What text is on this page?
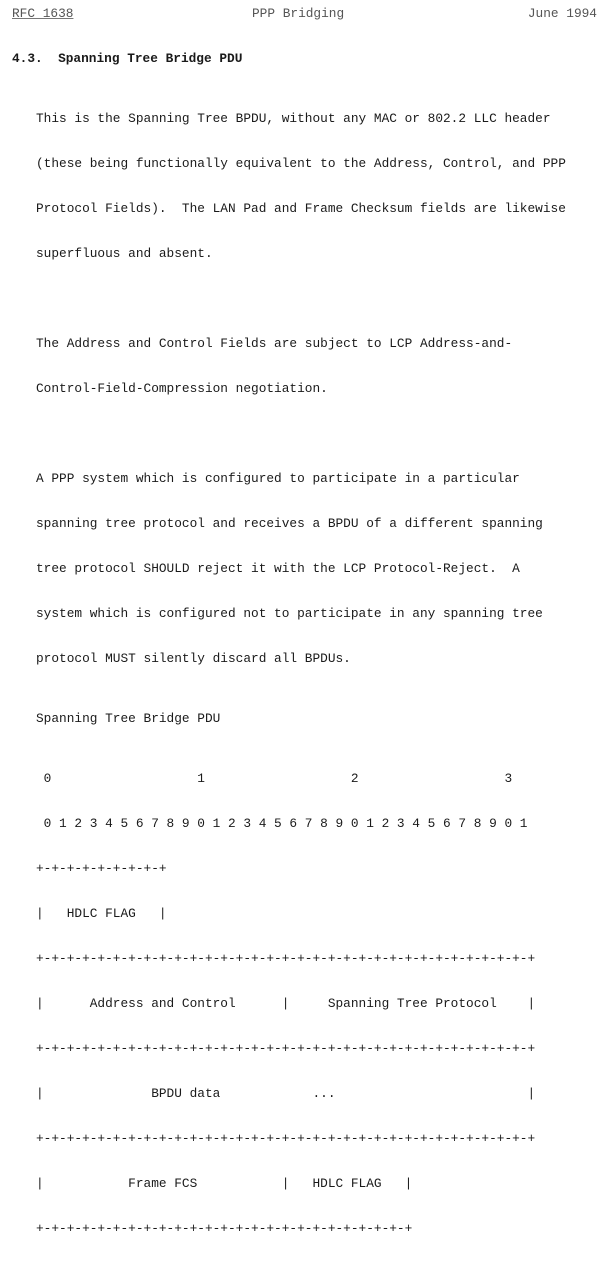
RFC 1638

	PPP Bridging

	June 1994

4.3.  Spanning Tree Bridge PDU

This is the Spanning Tree BPDU, without any MAC or 802.2 LLC header

(these being functionally equivalent to the Address, Control, and PPP

Protocol Fields).  The LAN Pad and Frame Checksum fields are likewise

superfluous and absent.

The Address and Control Fields are subject to LCP Address-and-

Control-Field-Compression negotiation.

A PPP system which is configured to participate in a particular

spanning tree protocol and receives a BPDU of a different spanning

tree protocol SHOULD reject it with the LCP Protocol-Reject.  A

system which is configured not to participate in any spanning tree

protocol MUST silently discard all BPDUs.

Spanning Tree Bridge PDU

0                   1                   2                   3

0 1 2 3 4 5 6 7 8 9 0 1 2 3 4 5 6 7 8 9 0 1 2 3 4 5 6 7 8 9 0 1

+-+-+-+-+-+-+-+-+

|   HDLC FLAG   |

+-+-+-+-+-+-+-+-+-+-+-+-+-+-+-+-+-+-+-+-+-+-+-+-+-+-+-+-+-+-+-+-+

|      Address and Control      |     Spanning Tree Protocol    |

+-+-+-+-+-+-+-+-+-+-+-+-+-+-+-+-+-+-+-+-+-+-+-+-+-+-+-+-+-+-+-+-+

|              BPDU data            ...                         |

+-+-+-+-+-+-+-+-+-+-+-+-+-+-+-+-+-+-+-+-+-+-+-+-+-+-+-+-+-+-+-+-+

|           Frame FCS           |   HDLC FLAG   |

+-+-+-+-+-+-+-+-+-+-+-+-+-+-+-+-+-+-+-+-+-+-+-+-+
